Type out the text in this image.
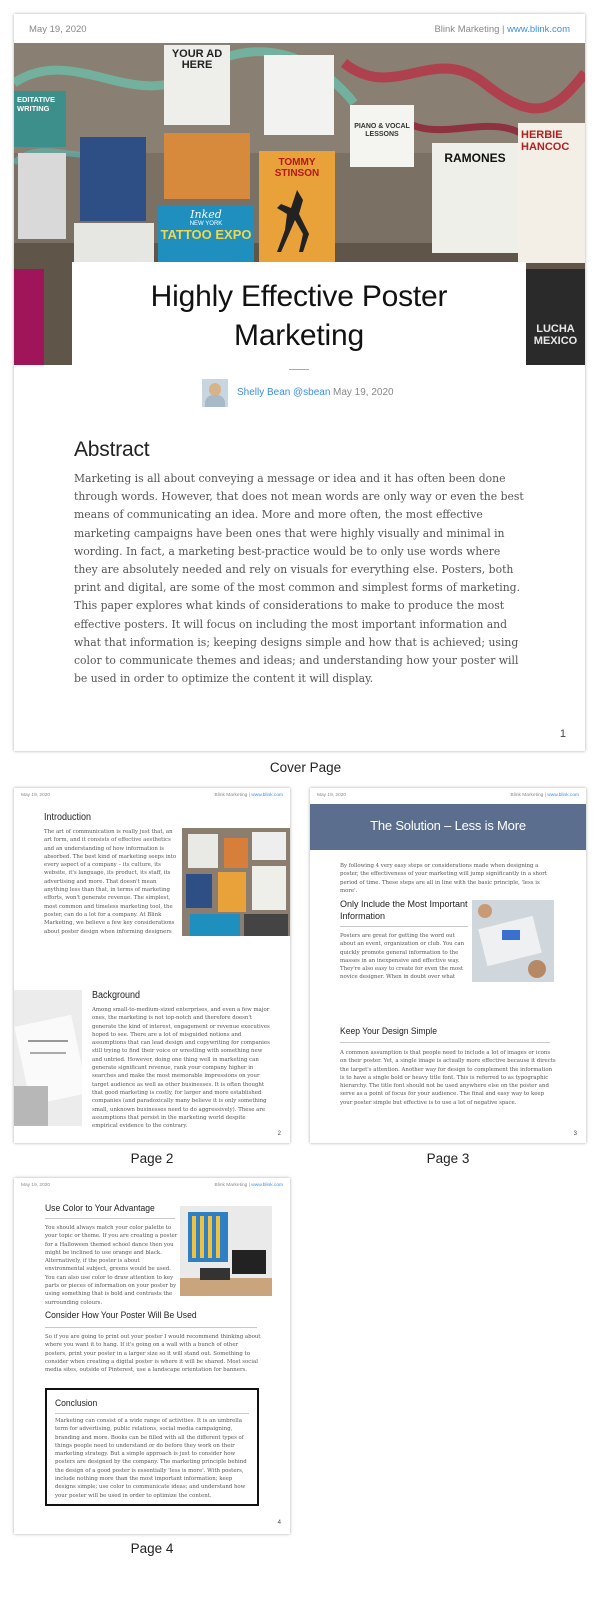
May 19, 2020	Blink Marketing | www.blink.com
YOUR AD HERE
EDITATIVE WRITING
PIANO & VOCAL LESSONS
TOMMY STINSON
RAMONES
HERBIE HANCOC
Inked
NEW YORK
TATTOO EXPO
LUCHA MEXICO
Highly Effective Poster Marketing
Shelly Bean @sbean May 19, 2020
Abstract
Marketing is all about conveying a message or idea and it has often been done through words. However, that does not mean words are only way or even the best means of communicating an idea. More and more often, the most effective marketing campaigns have been ones that were highly visually and minimal in wording. In fact, a marketing best-practice would be to only use words where they are absolutely needed and rely on visuals for everything else. Posters, both print and digital, are some of the most common and simplest forms of marketing. This paper explores what kinds of considerations to make to produce the most effective posters. It will focus on including the most important information and what that information is; keeping designs simple and how that is achieved; using color to communicate themes and ideas; and understanding how your poster will be used in order to optimize the content it will display.
1
Cover Page
May 19, 2020	Blink Marketing | www.blink.com
Introduction
The art of communication is really just that, an art form, and it consists of effective aesthetics and an understanding of how information is absorbed. The best kind of marketing seeps into every aspect of a company – its culture, its website, it's language, its product, its staff, its advertising and more. That doesn't mean anything less than that, in terms of marketing efforts, won't generate revenue. The simplest, most common and timeless marketing tool, the poster, can do a lot for a company. At Blink Marketing, we believe a few key considerations about poster design when informing designers
Background
Among small-to-medium-sized enterprises, and even a few major ones, the marketing is not top-notch and therefore doesn't generate the kind of interest, engagement or revenue executives hoped to see. There are a lot of misguided notions and assumptions that can lead design and copywriting for companies still trying to find their voice or wrestling with something new and untried. However, doing one thing well in marketing can generate significant revenue, rank your company higher in searches and make the most memorable impressions on your target audience as well as other businesses. It is often thought that good marketing is costly, for larger and more established companies (and paradoxically many believe it is only something small, unknown businesses need to do aggressively). These are assumptions that persist in the marketing world despite empirical evidence to the contrary.
2
Page 2
May 19, 2020	Blink Marketing | www.blink.com
The Solution – Less is More
By following 4 very easy steps or considerations made when designing a poster, the effectiveness of your marketing will jump significantly in a short period of time. These steps are all in line with the basic principle, 'less is more'.
Only Include the Most Important Information
Posters are great for getting the word out about an event, organization or club. You can quickly promote general information to the masses in an inexpensive and effective way. They're also easy to create for even the most novice designer. When in doubt over what
Keep Your Design Simple
A common assumption is that people need to include a lot of images or icons on their poster. Yet, a single image is actually more effective because it directs the target's attention. Another way for design to complement the information is to have a single bold or heavy title font. This is referred to as typographic hierarchy. The title font should not be used anywhere else on the poster and serve as a point of focus for your audience. The final and easy way to keep your poster simple but effective is to use a lot of negative space.
3
Page 3
May 19, 2020	Blink Marketing | www.blink.com
Use Color to Your Advantage
You should always match your color palette to your topic or theme. If you are creating a poster for a Halloween themed school dance then you might be inclined to use orange and black. Alternatively, if the poster is about environmental subject, greens would be used. You can also use color to draw attention to key parts or pieces of information on your poster by using something that is bold and contrasts the surrounding colours.
Consider How Your Poster Will Be Used
So if you are going to print out your poster I would recommend thinking about where you want it to hang. If it's going on a wall with a bunch of other posters, print your poster in a larger size so it will stand out. Something to consider when creating a digital poster is where it will be shared. Most social media sites, outside of Pinterest, use a landscape orientation for banners.
Conclusion
Marketing can consist of a wide range of activities. It is an umbrella term for advertising, public relations, social media campaigning, branding and more. Books can be filled with all the different types of things people need to understand or do before they work on their marketing strategy. But a simple approach is just to consider how posters are designed by the company. The marketing principle behind the design of a good poster is essentially 'less is more'. With posters, include nothing more than the most important information; keep designs simple; use color to communicate ideas; and understand how your poster will be used in order to optimize the content.
4
Page 4
